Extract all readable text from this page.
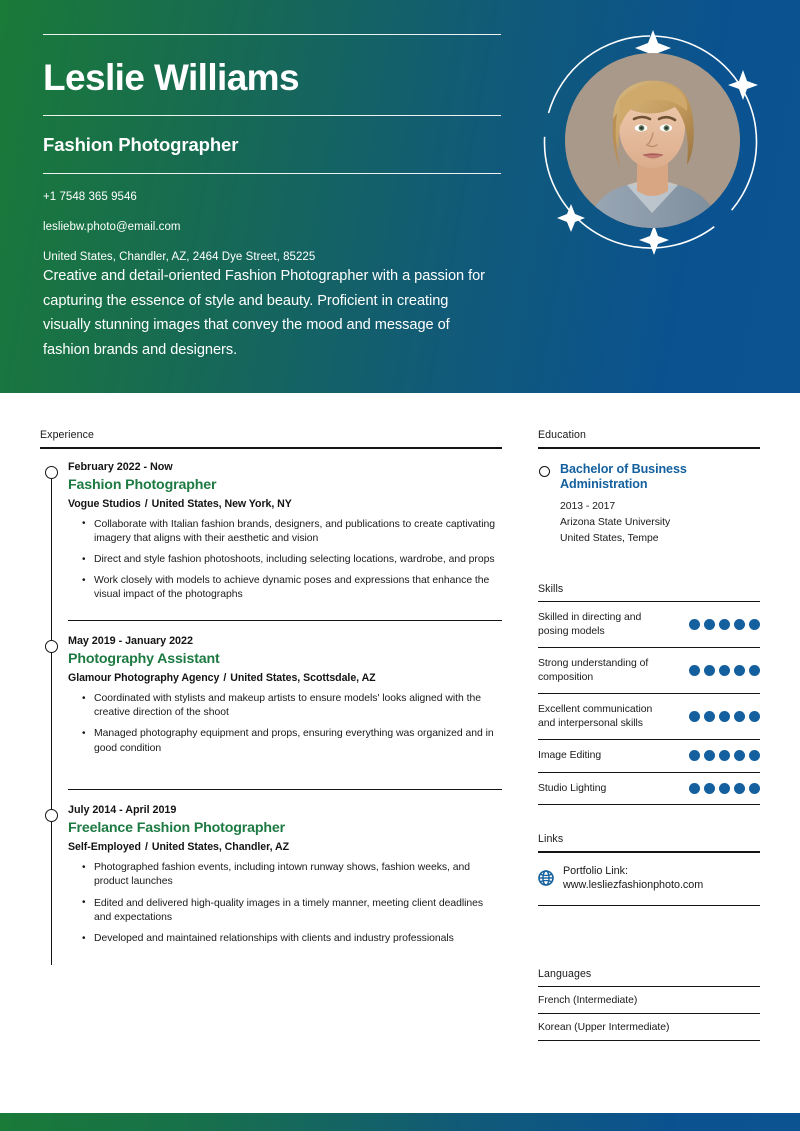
Leslie Williams
Fashion Photographer
+1 7548 365 9546
lesliebw.photo@email.com
United States, Chandler, AZ, 2464 Dye Street, 85225
Creative and detail-oriented Fashion Photographer with a passion for capturing the essence of style and beauty. Proficient in creating visually stunning images that convey the mood and message of fashion brands and designers.
Experience
February 2022 - Now
Fashion Photographer
Vogue Studios / United States, New York, NY
• Collaborate with Italian fashion brands, designers, and publications to create captivating imagery that aligns with their aesthetic and vision
• Direct and style fashion photoshoots, including selecting locations, wardrobe, and props
• Work closely with models to achieve dynamic poses and expressions that enhance the visual impact of the photographs
May 2019 - January 2022
Photography Assistant
Glamour Photography Agency / United States, Scottsdale, AZ
• Coordinated with stylists and makeup artists to ensure models' looks aligned with the creative direction of the shoot
• Managed photography equipment and props, ensuring everything was organized and in good condition
July 2014 - April 2019
Freelance Fashion Photographer
Self-Employed / United States, Chandler, AZ
• Photographed fashion events, including intown runway shows, fashion weeks, and product launches
• Edited and delivered high-quality images in a timely manner, meeting client deadlines and expectations
• Developed and maintained relationships with clients and industry professionals
Education
Bachelor of Business Administration
2013 - 2017
Arizona State University
United States, Tempe
Skills
Skilled in directing and posing models
Strong understanding of composition
Excellent communication and interpersonal skills
Image Editing
Studio Lighting
Links
Portfolio Link:
www.lesliezfashionphoto.com
Languages
French (Intermediate)
Korean (Upper Intermediate)
